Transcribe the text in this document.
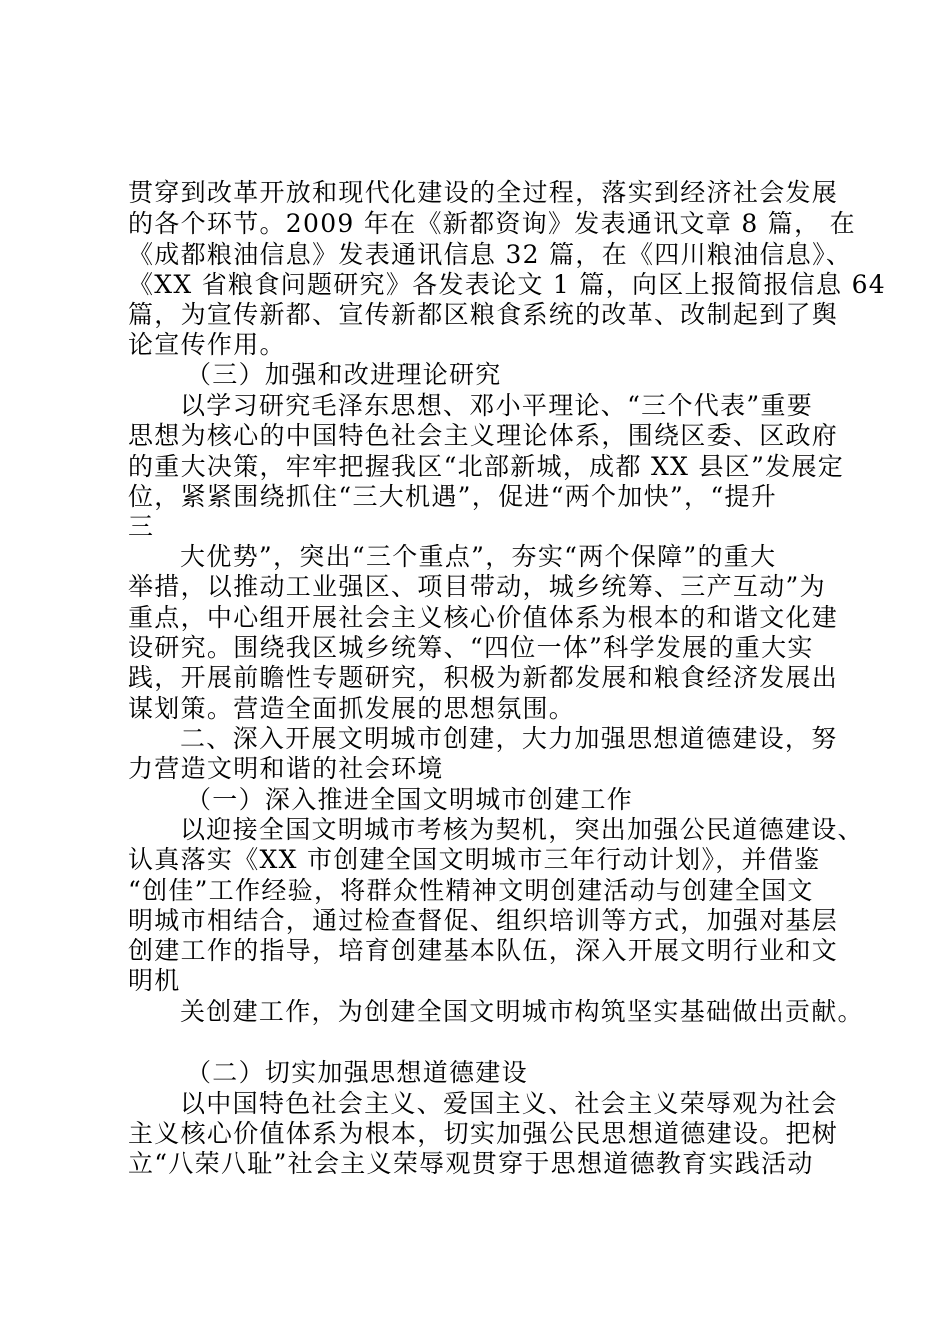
贯穿到改革开放和现代化建设的全过程，落实到经济社会发展
的各个环节。2009 年在《新都资询》发表通讯文章 8 篇， 在
《成都粮油信息》发表通讯信息 32 篇，在《四川粮油信息》、
《XX 省粮食问题研究》各发表论文 1 篇，向区上报简报信息 64
篇，为宣传新都、宣传新都区粮食系统的改革、改制起到了舆
论宣传作用。
（三）加强和改进理论研究
以学习研究毛泽东思想、邓小平理论、“三个代表”重要
思想为核心的中国特色社会主义理论体系，围绕区委、区政府
的重大决策，牢牢把握我区“北部新城，成都 XX 县区”发展定
位，紧紧围绕抓住“三大机遇”，促进“两个加快”，“提升
三
大优势”，突出“三个重点”，夯实“两个保障”的重大
举措，以推动工业强区、项目带动，城乡统筹、三产互动”为
重点，中心组开展社会主义核心价值体系为根本的和谐文化建
设研究。围绕我区城乡统筹、“四位一体”科学发展的重大实
践，开展前瞻性专题研究，积极为新都发展和粮食经济发展出
谋划策。营造全面抓发展的思想氛围。
二、深入开展文明城市创建，大力加强思想道德建设，努
力营造文明和谐的社会环境
（一）深入推进全国文明城市创建工作
以迎接全国文明城市考核为契机，突出加强公民道德建设、
认真落实《XX 市创建全国文明城市三年行动计划》，并借鉴
“创佳”工作经验，将群众性精神文明创建活动与创建全国文
明城市相结合，通过检查督促、组织培训等方式，加强对基层
创建工作的指导，培育创建基本队伍，深入开展文明行业和文
明机
关创建工作，为创建全国文明城市构筑坚实基础做出贡献。
（二）切实加强思想道德建设
以中国特色社会主义、爱国主义、社会主义荣辱观为社会
主义核心价值体系为根本，切实加强公民思想道德建设。把树
立“八荣八耻”社会主义荣辱观贯穿于思想道德教育实践活动
